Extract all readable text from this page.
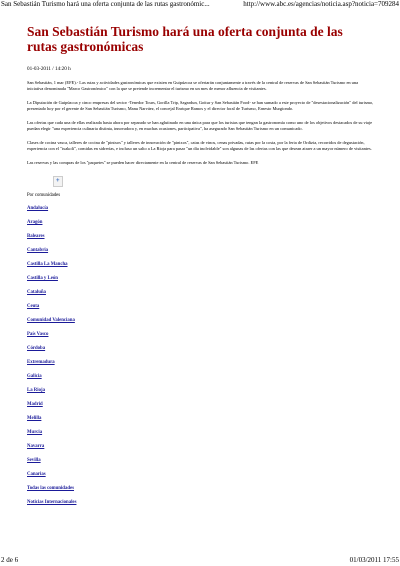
San Sebastián Turismo hará una oferta conjunta de las rutas gastronómic...	http://www.abc.es/agencias/noticia.asp?noticia=709284
San Sebastián Turismo hará una oferta conjunta de las rutas gastronómicas
01-03-2011 / 14:20 h

San Sebastián, 1 mar (EFE).- Las rutas y actividades gastronómicas que existen en Guipúzcoa se ofertarán conjuntamente a través de la central de reservas de San Sebastián Turismo en una iniciativa denominada "Marco Gastronómico" con la que se pretende incrementar el turismo en un mes de menor afluencia de visitantes.

La Diputación de Guipúzcoa y cinco empresas del sector -Tenedor Tours, Gorilla Trip, Sagardun, Goitur y San Sebastián Food- se han sumado a este proyecto de "desestacionalización" del turismo, presentado hoy por el gerente de San Sebastián Turismo, Manu Narváez, el concejal Enrique Ramos y el director foral de Turismo, Ernesto Murgiondo.

Las ofertas que cada una de ellas realizada hasta ahora por separado se han aglutinado en una única para que los turistas que tengan la gastronomía como uno de los objetivos destacados de su viaje puedan elegir "una experiencia culinaria distinta, innovadora y, en muchas ocasiones, participativa", ha asegurado San Sebastián Turismo en un comunicado.

Clases de cocina vasca, talleres de cocina de "pintxos" y talleres de innovación de "pintxos", catas de vinos, cenas privadas, rutas por la costa, por la feria de Ordizia, recorridos de degustación, experiencia con el "txakoli", comidas en sidrerías, e incluso un salto a La Rioja para pasar "un día inolvidable" son algunas de las ofertas con las que desean atraer a un mayor número de visitantes.

Las reservas y las compras de los "paquetes" se pueden hacer directamente en la central de reservas de San Sebastián Turismo. EFE

+
Por comunidades
Andalucía
Aragón
Baleares
Cantabria
Castilla La Mancha
Castilla y León
Cataluña
Ceuta
Comunidad Valenciana
País Vasco
Córdoba
Extremadura
Galicia
La Rioja
Madrid
Melilla
Murcia
Navarra
Sevilla
Canarias
Todas las comunidades
Noticias Internacionales
2 de 6	01/03/2011 17:55
